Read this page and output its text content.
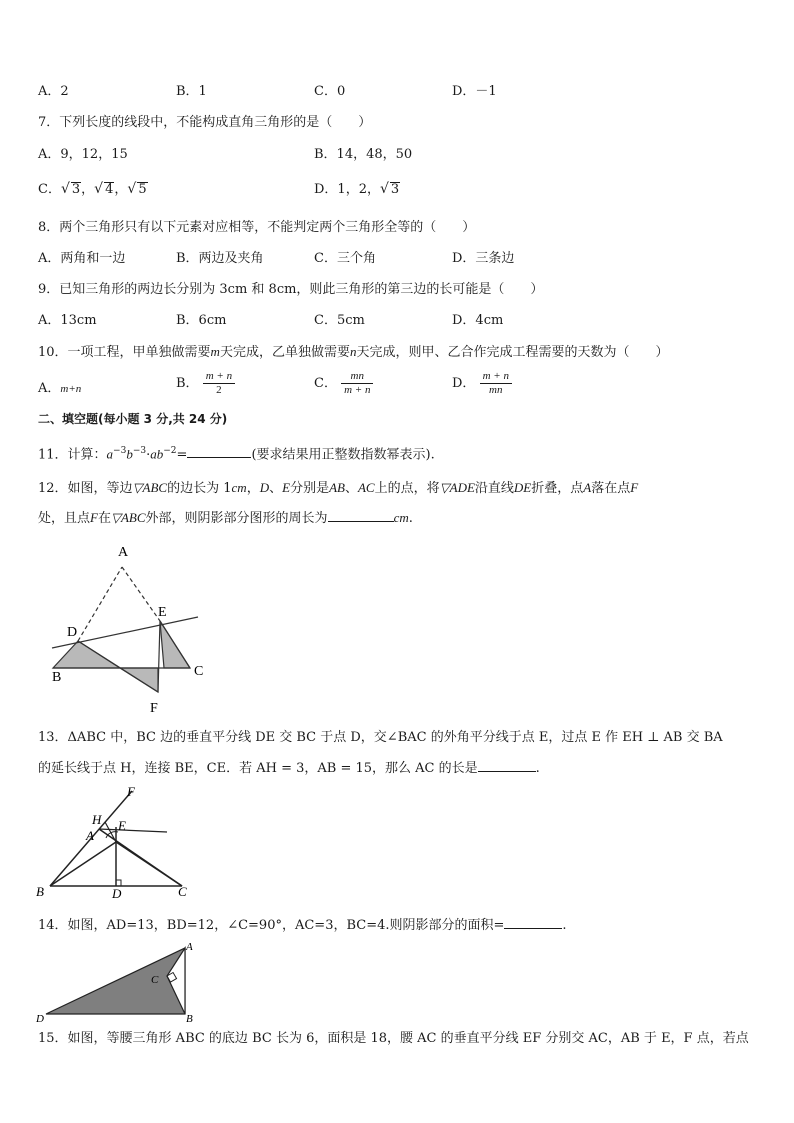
A．2	B．1	C．0	D．－1
7．下列长度的线段中，不能构成直角三角形的是（　　）
A．9，12，15	B．14，48，50
C．√ 3，√ 4，√ 5	D．1，2，√ 3
8．两个三角形只有以下元素对应相等，不能判定两个三角形全等的（　　）
A．两角和一边	B．两边及夹角	C．三个角	D．三条边
9．已知三角形的两边长分别为 3cm 和 8cm，则此三角形的第三边的长可能是（　　）
A．13cm	B．6cm	C．5cm	D．4cm
10．一项工程，甲单独做需要m天完成，乙单独做需要n天完成，则甲、乙合作完成工程需要的天数为（　　）
A．m+n	B． $\frac{m + n}{2}$	C． $\frac{mn}{m + n}$	D． $\frac{m + n}{mn}$
二、填空题(每小题 3 分,共 24 分)
11．计算：$a^{-3}b^{-3}\cdot ab^{-2}=$	(要求结果用正整数指数幂表示).
12．如图，等边▽ABC的边长为 1cm，D、E分别是AB、AC上的点，将▽ADE沿直线DE折叠，点A落在点F
处，且点F在▽ABC外部，则阴影部分图形的周长为	cm.
A
E
D
B	C
F
13．ΔABC 中，BC 边的垂直平分线 DE 交 BC 于点 D，交∠BAC 的外角平分线于点 E，过点 E 作 EH ⊥ AB 交 BA
的延长线于点 H，连接 BE，CE．若 AH = 3，AB = 15，那么 AC 的长是	.
F
H
A
E
B	D	C
14．如图，AD=13，BD=12，∠C=90°，AC=3，BC=4.则阴影部分的面积=	.
A
C
D	B
15．如图，等腰三角形 ABC 的底边 BC 长为 6，面积是 18，腰 AC 的垂直平分线 EF 分别交 AC，AB 于 E，F 点，若点
